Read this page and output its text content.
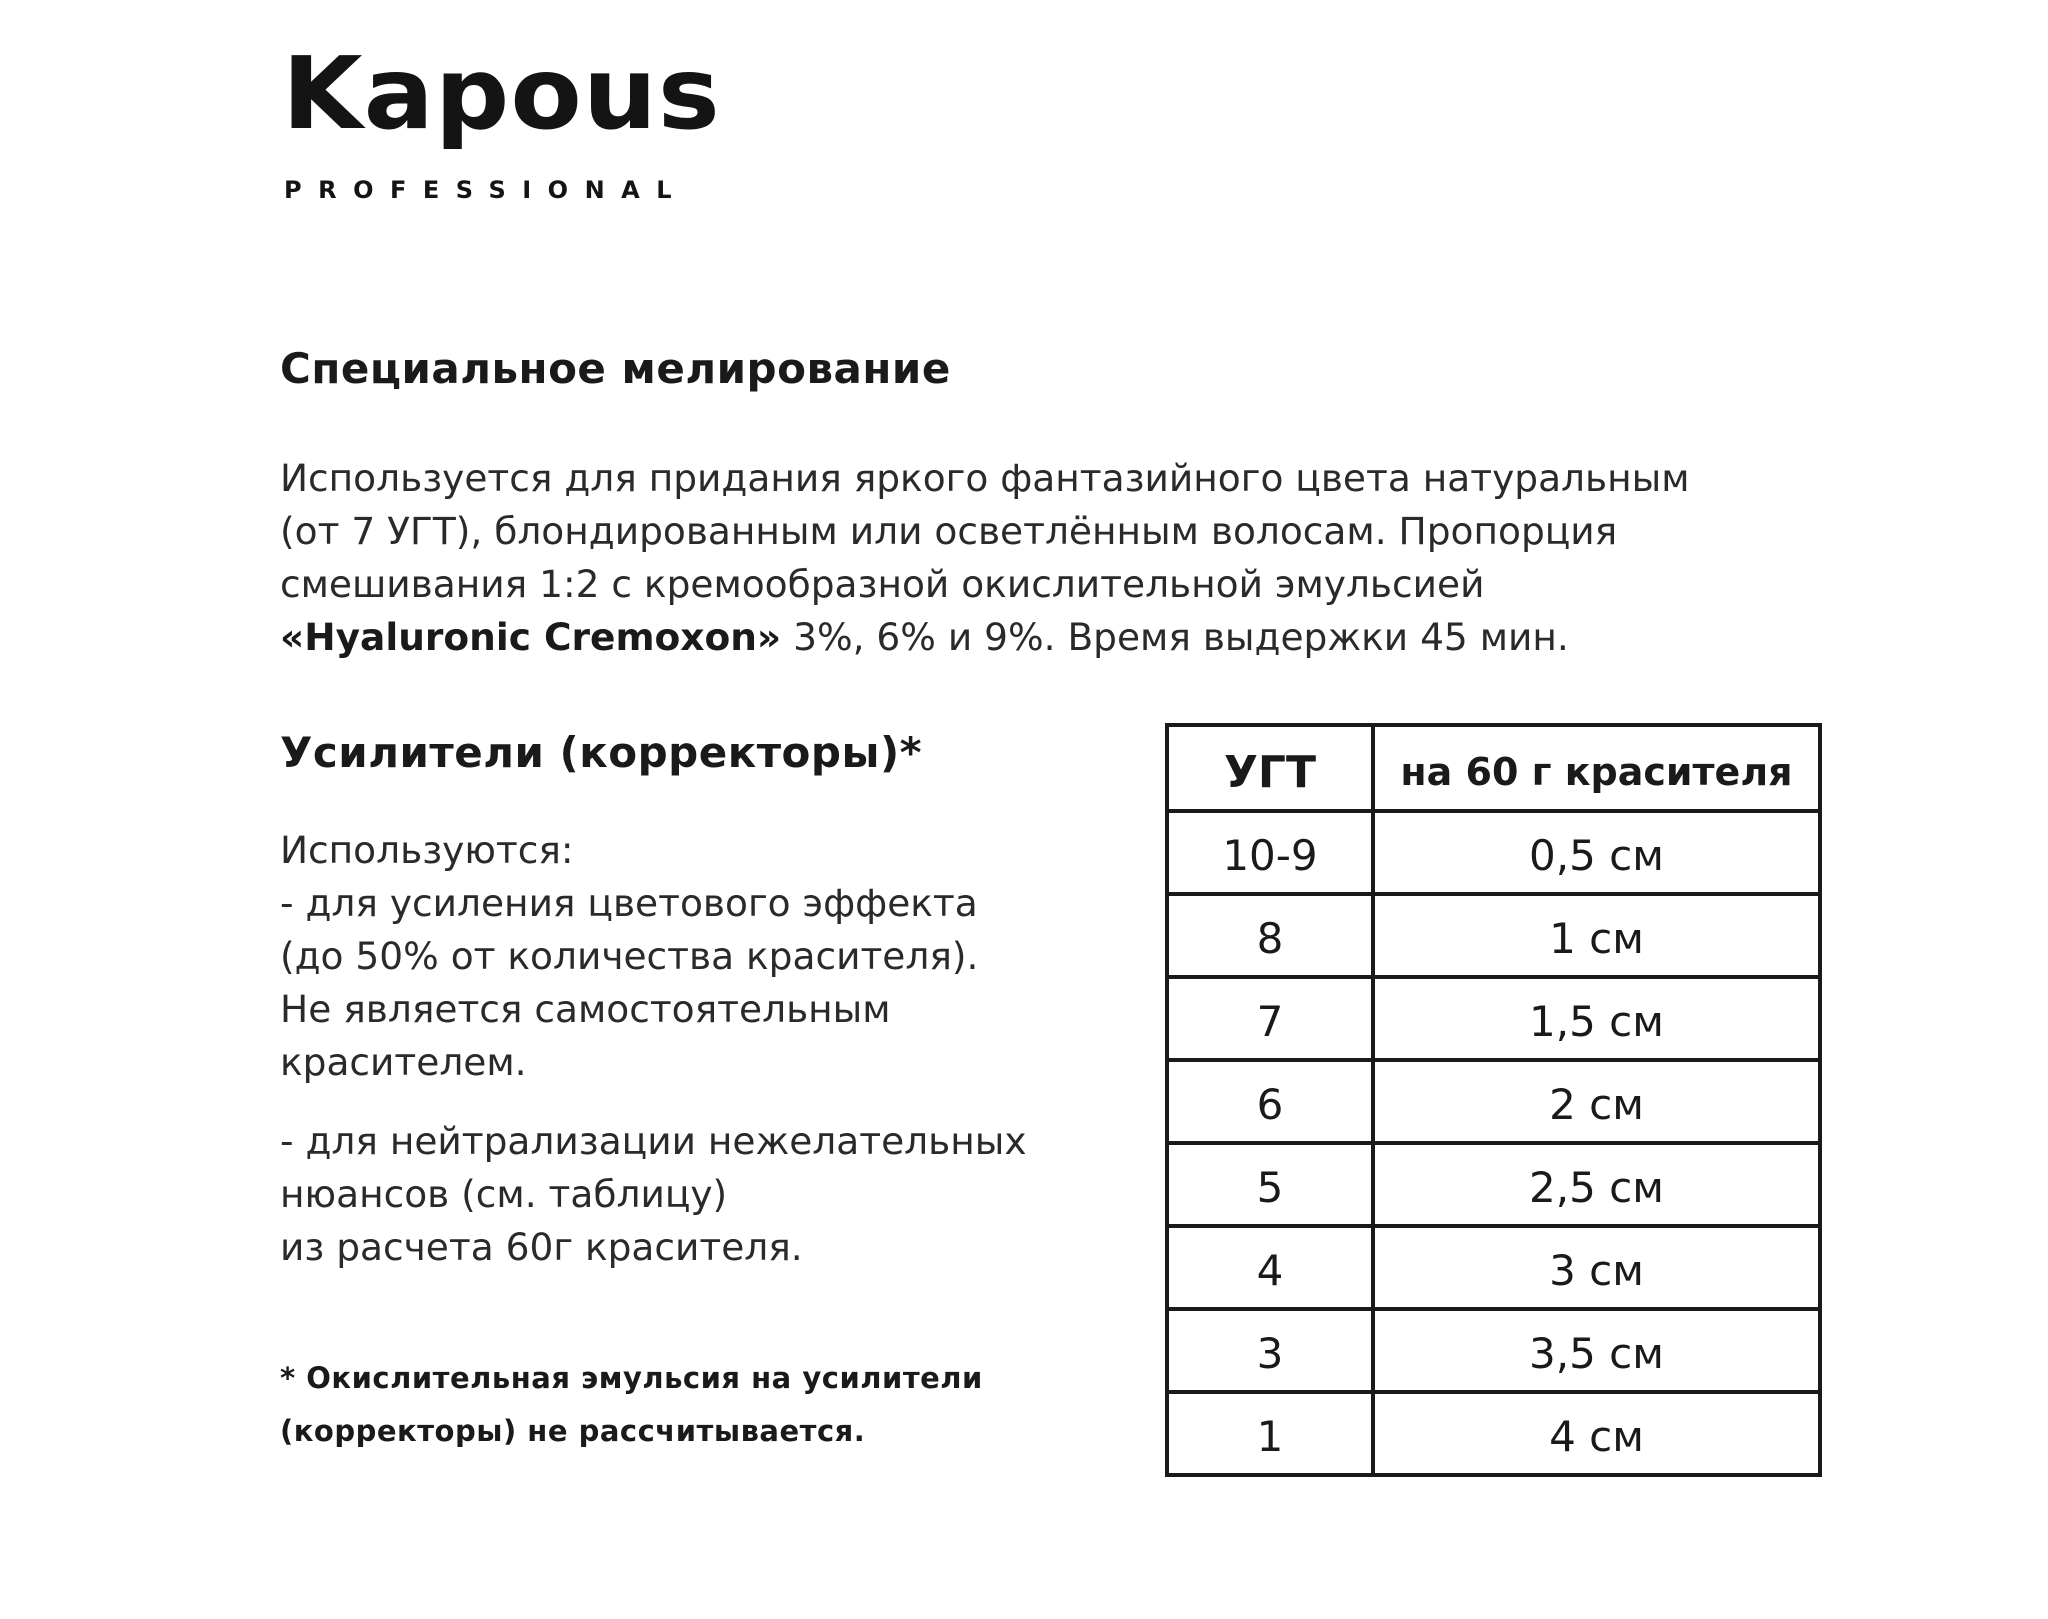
Kapous
PROFESSIONAL
Специальное мелирование
Используется для придания яркого фантазийного цвета натуральным
(от 7 УГТ), блондированным или осветлённым волосам. Пропорция
смешивания 1:2 с кремообразной окислительной эмульсией
«Hyaluronic Cremoxon» 3%, 6% и 9%. Время выдержки 45 мин.
Усилители (корректоры)*
Используются:
- для усиления цветового эффекта
(до 50% от количества красителя).
Не является самостоятельным
красителем.
- для нейтрализации нежелательных
нюансов (см. таблицу)
из расчета 60г красителя.
* Окислительная эмульсия на усилители
(корректоры) не рассчитывается.
УГТ	на 60 г красителя
10-9	0,5 см
8	1 см
7	1,5 см
6	2 см
5	2,5 см
4	3 см
3	3,5 см
1	4 см
